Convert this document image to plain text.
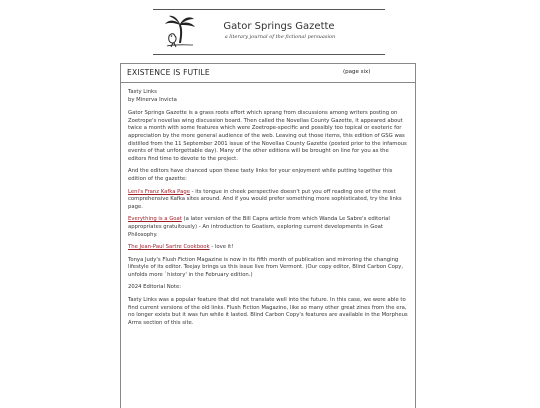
Gator Springs Gazette
a literary journal of the fictional persuasion
EXISTENCE IS FUTILE	(page six)

Tasty Links
by Minerva Invicta

Gator Springs Gazette is a grass roots effort which sprang from discussions among writers posting on Zoetrope's novellas wing discussion board. Then called the Novellas County Gazette, it appeared about twice a month with some features which were Zoetrope-specific and possibly too topical or esoteric for appreciation by the more general audience of the web. Leaving out those items, this edition of GSG was distilled from the 11 September 2001 issue of the Novellas County Gazette (posted prior to the infamous events of that unforgettable day). Many of the other editions will be brought on line for you as the editors find time to devote to the project.

And the editors have chanced upon these tasty links for your enjoyment while putting together this edition of the gazette:

Leni's Franz Kafka Page - its tongue in cheek perspective doesn't put you off reading one of the most comprehensive Kafka sites around. And if you would prefer something more sophisticated, try the links page.

Everything is a Goat (a later version of the Bill Capra article from which Wanda Le Sabre's editorial appropriates gratuitously) - An introduction to Goatism, exploring current developments in Goat Philosophy.

The Jean-Paul Sartre Cookbook - love it!

Tonya Judy's Flush Fiction Magazine is now in its fifth month of publication and mirroring the changing lifestyle of its editor. Teejay brings us this issue live from Vermont. (Our copy editor, Blind Carbon Copy, unfolds more `history' in the February edition.)

2024 Editorial Note:

Tasty Links was a popular feature that did not translate well into the future. In this case, we were able to find current versions of the old links. Flush Fiction Magazine, like so many other great zines from the era, no longer exists but it was fun while it lasted. Blind Carbon Copy's features are available in the Morpheus Arms section of this site.
